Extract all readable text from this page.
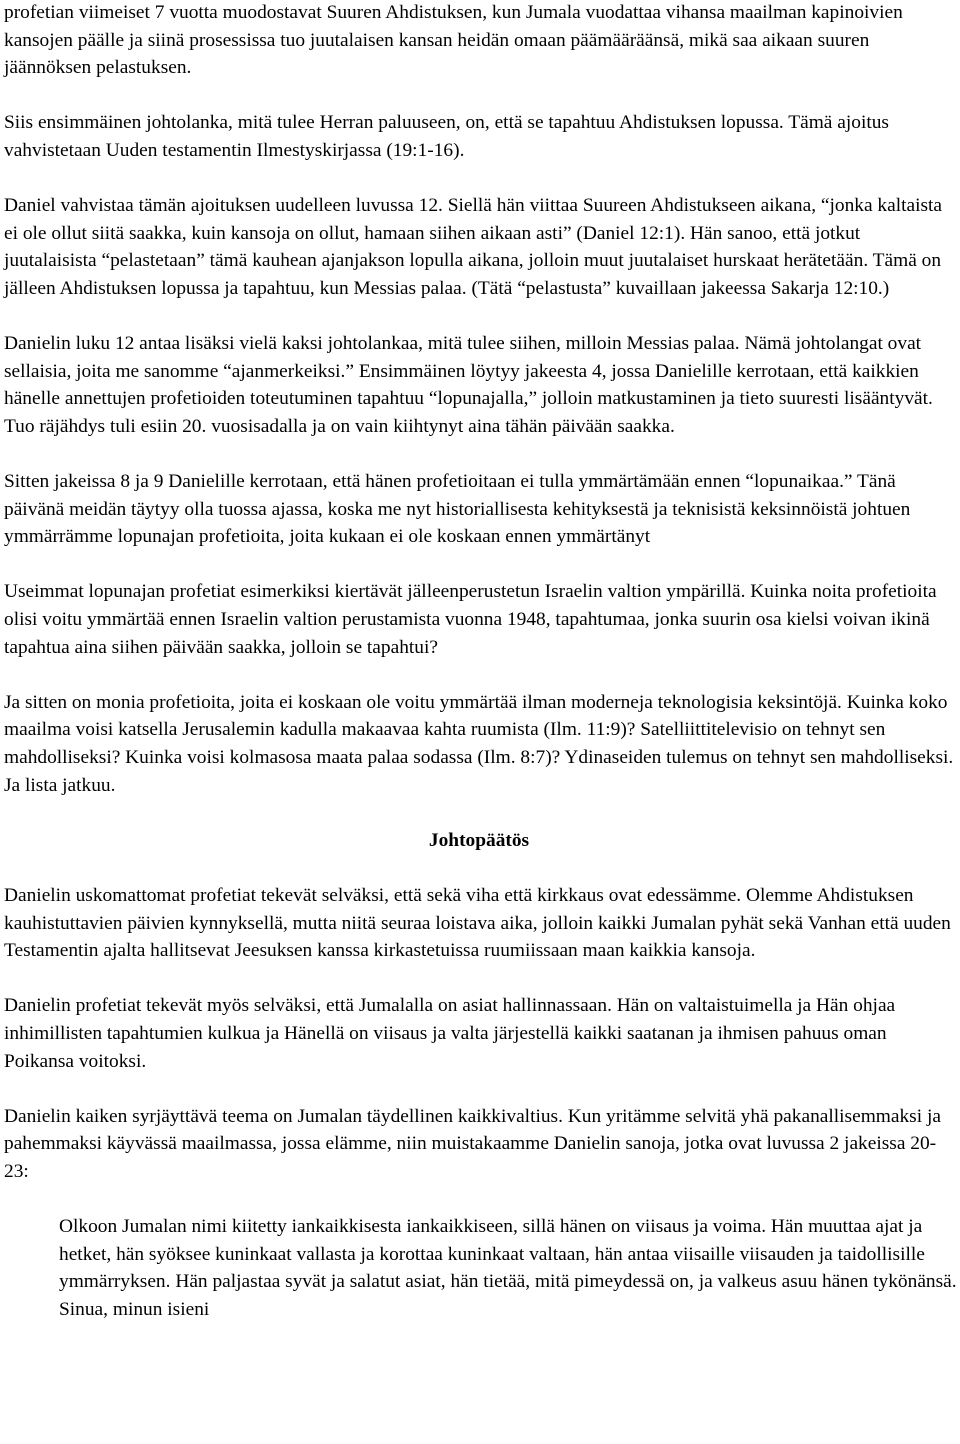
profetian viimeiset 7 vuotta muodostavat Suuren Ahdistuksen, kun Jumala vuodattaa vihansa maailman kapinoivien kansojen päälle ja siinä prosessissa tuo juutalaisen kansan heidän omaan päämääräänsä, mikä saa aikaan suuren jäännöksen pelastuksen.

Siis ensimmäinen johtolanka, mitä tulee Herran paluuseen, on, että se tapahtuu Ahdistuksen lopussa. Tämä ajoitus vahvistetaan Uuden testamentin Ilmestyskirjassa (19:1-16).

Daniel vahvistaa tämän ajoituksen uudelleen luvussa 12. Siellä hän viittaa Suureen Ahdistukseen aikana, “jonka kaltaista ei ole ollut siitä saakka, kuin kansoja on ollut, hamaan siihen aikaan asti” (Daniel 12:1). Hän sanoo, että jotkut juutalaisista “pelastetaan” tämä kauhean ajanjakson lopulla aikana, jolloin muut juutalaiset hurskaat herätetään. Tämä on jälleen Ahdistuksen lopussa ja tapahtuu, kun Messias palaa. (Tätä “pelastusta” kuvaillaan jakeessa Sakarja 12:10.)

Danielin luku 12 antaa lisäksi vielä kaksi johtolankaa, mitä tulee siihen, milloin Messias palaa. Nämä johtolangat ovat sellaisia, joita me sanomme “ajanmerkeiksi.” Ensimmäinen löytyy jakeesta 4, jossa Danielille kerrotaan, että kaikkien hänelle annettujen profetioiden toteutuminen tapahtuu “lopunajalla,” jolloin matkustaminen ja tieto suuresti lisääntyvät. Tuo räjähdys tuli esiin 20. vuosisadalla ja on vain kiihtynyt aina tähän päivään saakka.

Sitten jakeissa 8 ja 9 Danielille kerrotaan, että hänen profetioitaan ei tulla ymmärtämään ennen “lopunaikaa.” Tänä päivänä meidän täytyy olla tuossa ajassa, koska me nyt historiallisesta kehityksestä ja teknisistä keksinnöistä johtuen ymmärrämme lopunajan profetioita, joita kukaan ei ole koskaan ennen ymmärtänyt

Useimmat lopunajan profetiat esimerkiksi kiertävät jälleenperustetun Israelin valtion ympärillä. Kuinka noita profetioita olisi voitu ymmärtää ennen Israelin valtion perustamista vuonna 1948, tapahtumaa, jonka suurin osa kielsi voivan ikinä tapahtua aina siihen päivään saakka, jolloin se tapahtui?

Ja sitten on monia profetioita, joita ei koskaan ole voitu ymmärtää ilman moderneja teknologisia keksintöjä. Kuinka koko maailma voisi katsella Jerusalemin kadulla makaavaa kahta ruumista (Ilm. 11:9)? Satelliittitelevisio on tehnyt sen mahdolliseksi? Kuinka voisi kolmasosa maata palaa sodassa (Ilm. 8:7)? Ydinaseiden tulemus on tehnyt sen mahdolliseksi. Ja lista jatkuu.

Johtopäätös

Danielin uskomattomat profetiat tekevät selväksi, että sekä viha että kirkkaus ovat edessämme. Olemme Ahdistuksen kauhistuttavien päivien kynnyksellä, mutta niitä seuraa loistava aika, jolloin kaikki Jumalan pyhät sekä Vanhan että uuden Testamentin ajalta hallitsevat Jeesuksen kanssa kirkastetuissa ruumiissaan maan kaikkia kansoja.

Danielin profetiat tekevät myös selväksi, että Jumalalla on asiat hallinnassaan. Hän on valtaistuimella ja Hän ohjaa inhimillisten tapahtumien kulkua ja Hänellä on viisaus ja valta järjestellä kaikki saatanan ja ihmisen pahuus oman Poikansa voitoksi.

Danielin kaiken syrjäyttävä teema on Jumalan täydellinen kaikkivaltius. Kun yritämme selvitä yhä pakanallisemmaksi ja pahemmaksi käyvässä maailmassa, jossa elämme, niin muistakaamme Danielin sanoja, jotka ovat luvussa 2 jakeissa 20-23:

Olkoon Jumalan nimi kiitetty iankaikkisesta iankaikkiseen, sillä hänen on viisaus ja voima. Hän muuttaa ajat ja hetket, hän syöksee kuninkaat vallasta ja korottaa kuninkaat valtaan, hän antaa viisaille viisauden ja taidollisille ymmärryksen. Hän paljastaa syvät ja salatut asiat, hän tietää, mitä pimeydessä on, ja valkeus asuu hänen tykönänsä. Sinua, minun isieni
